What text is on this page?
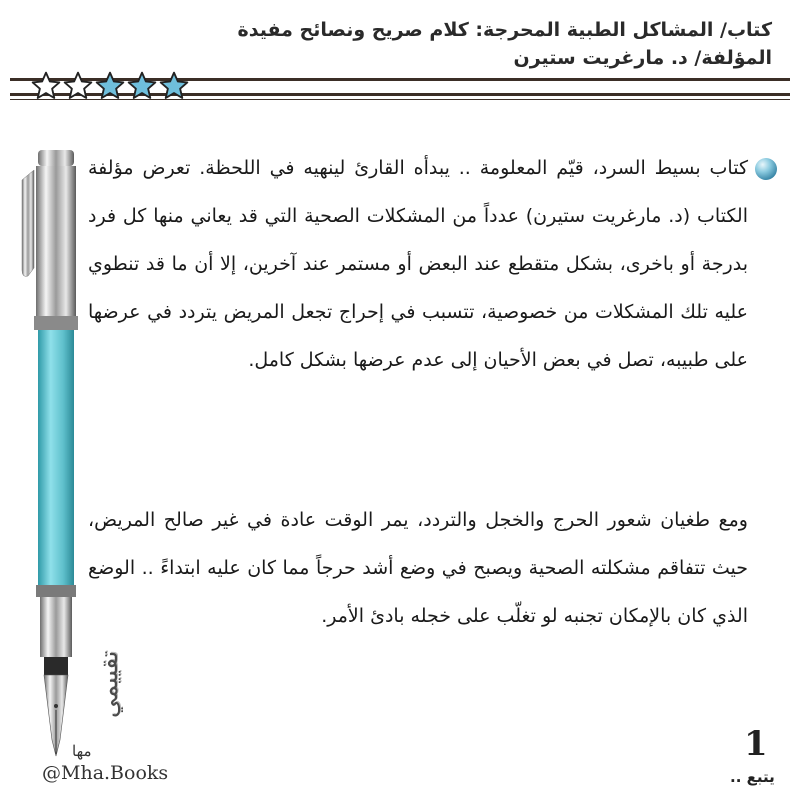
كتاب/ المشاكل الطبية المحرجة: كلام صريح ونصائح مفيدة
المؤلفة/ د. مارغريت ستيرن
كتاب بسيط السرد، قيّم المعلومة .. يبدأه القارئ لينهيه في اللحظة. تعرض مؤلفة الكتاب (د. مارغريت ستيرن) عدداً من المشكلات الصحية التي قد يعاني منها كل فرد بدرجة أو باخرى، بشكل متقطع عند البعض أو مستمر عند آخرين، إلا أن ما قد تنطوي عليه تلك المشكلات من خصوصية، تتسبب في إحراج تجعل المريض يتردد في عرضها على طبيبه، تصل في بعض الأحيان إلى عدم عرضها بشكل كامل.
ومع طغيان شعور الحرج والخجل والتردد، يمر الوقت عادة في غير صالح المريض، حيث تتفاقم مشكلته الصحية ويصبح في وضع أشد حرجاً مما كان عليه ابتداءً .. الوضع الذي كان بالإمكان تجنبه لو تغلّب على خجله بادئ الأمر.
تقييمي
مها
@Mha.Books
1
يتبع ..
